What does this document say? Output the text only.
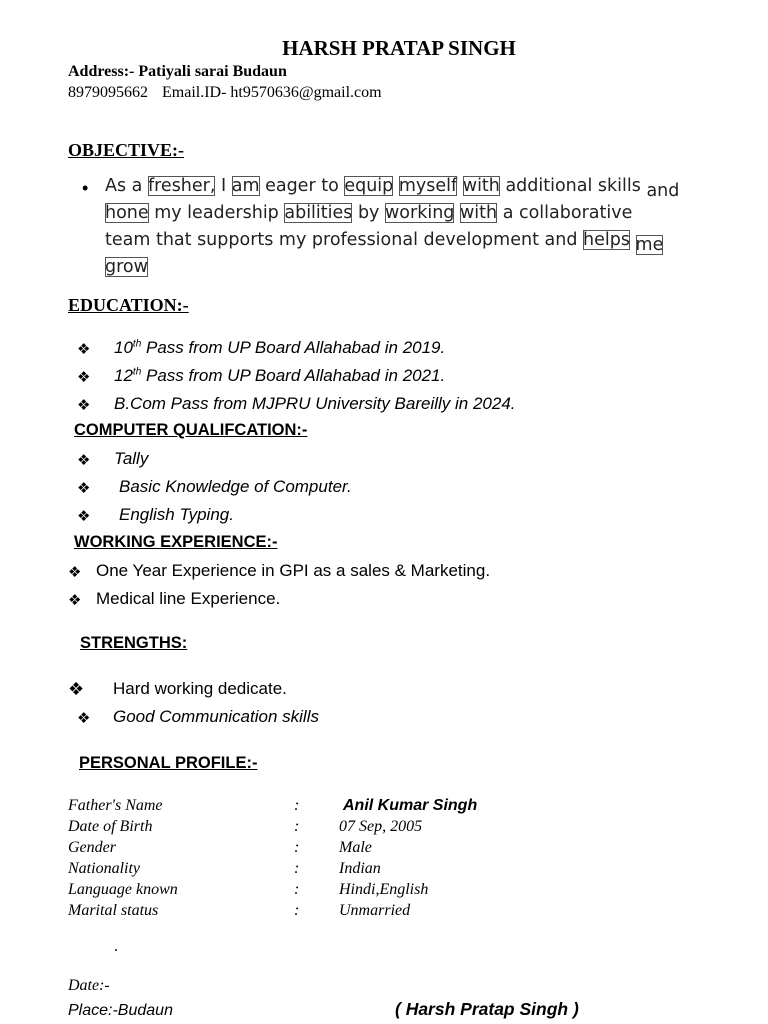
HARSH PRATAP SINGH
Address:- Patiyali sarai Budaun
8979095662 Email.ID- ht9570636@gmail.com
OBJECTIVE:-
• As a fresher, I am eager to equip myself with additional skills and
hone my leadership abilities by working with a collaborative
team that supports my professional development and helps me
grow
EDUCATION:-
❖ 10th Pass from UP Board Allahabad in 2019.
❖ 12th Pass from UP Board Allahabad in 2021.
❖ B.Com Pass from MJPRU University Bareilly in 2024.
COMPUTER QUALIFCATION:-
❖ Tally
❖ Basic Knowledge of Computer.
❖ English Typing.
WORKING EXPERIENCE:-
❖ One Year Experience in GPI as a sales & Marketing.
❖ Medical line Experience.
STRENGTHS:
❖ Hard working dedicate.
❖ Good Communication skills
PERSONAL PROFILE:-
Father's Name	:	Anil Kumar Singh
Date of Birth	: 07 Sep, 2005
Gender	: Male
Nationality	: Indian
Language known	: Hindi,English
Marital status	: Unmarried
.
Date:-
Place:-Budaun	( Harsh Pratap Singh )
